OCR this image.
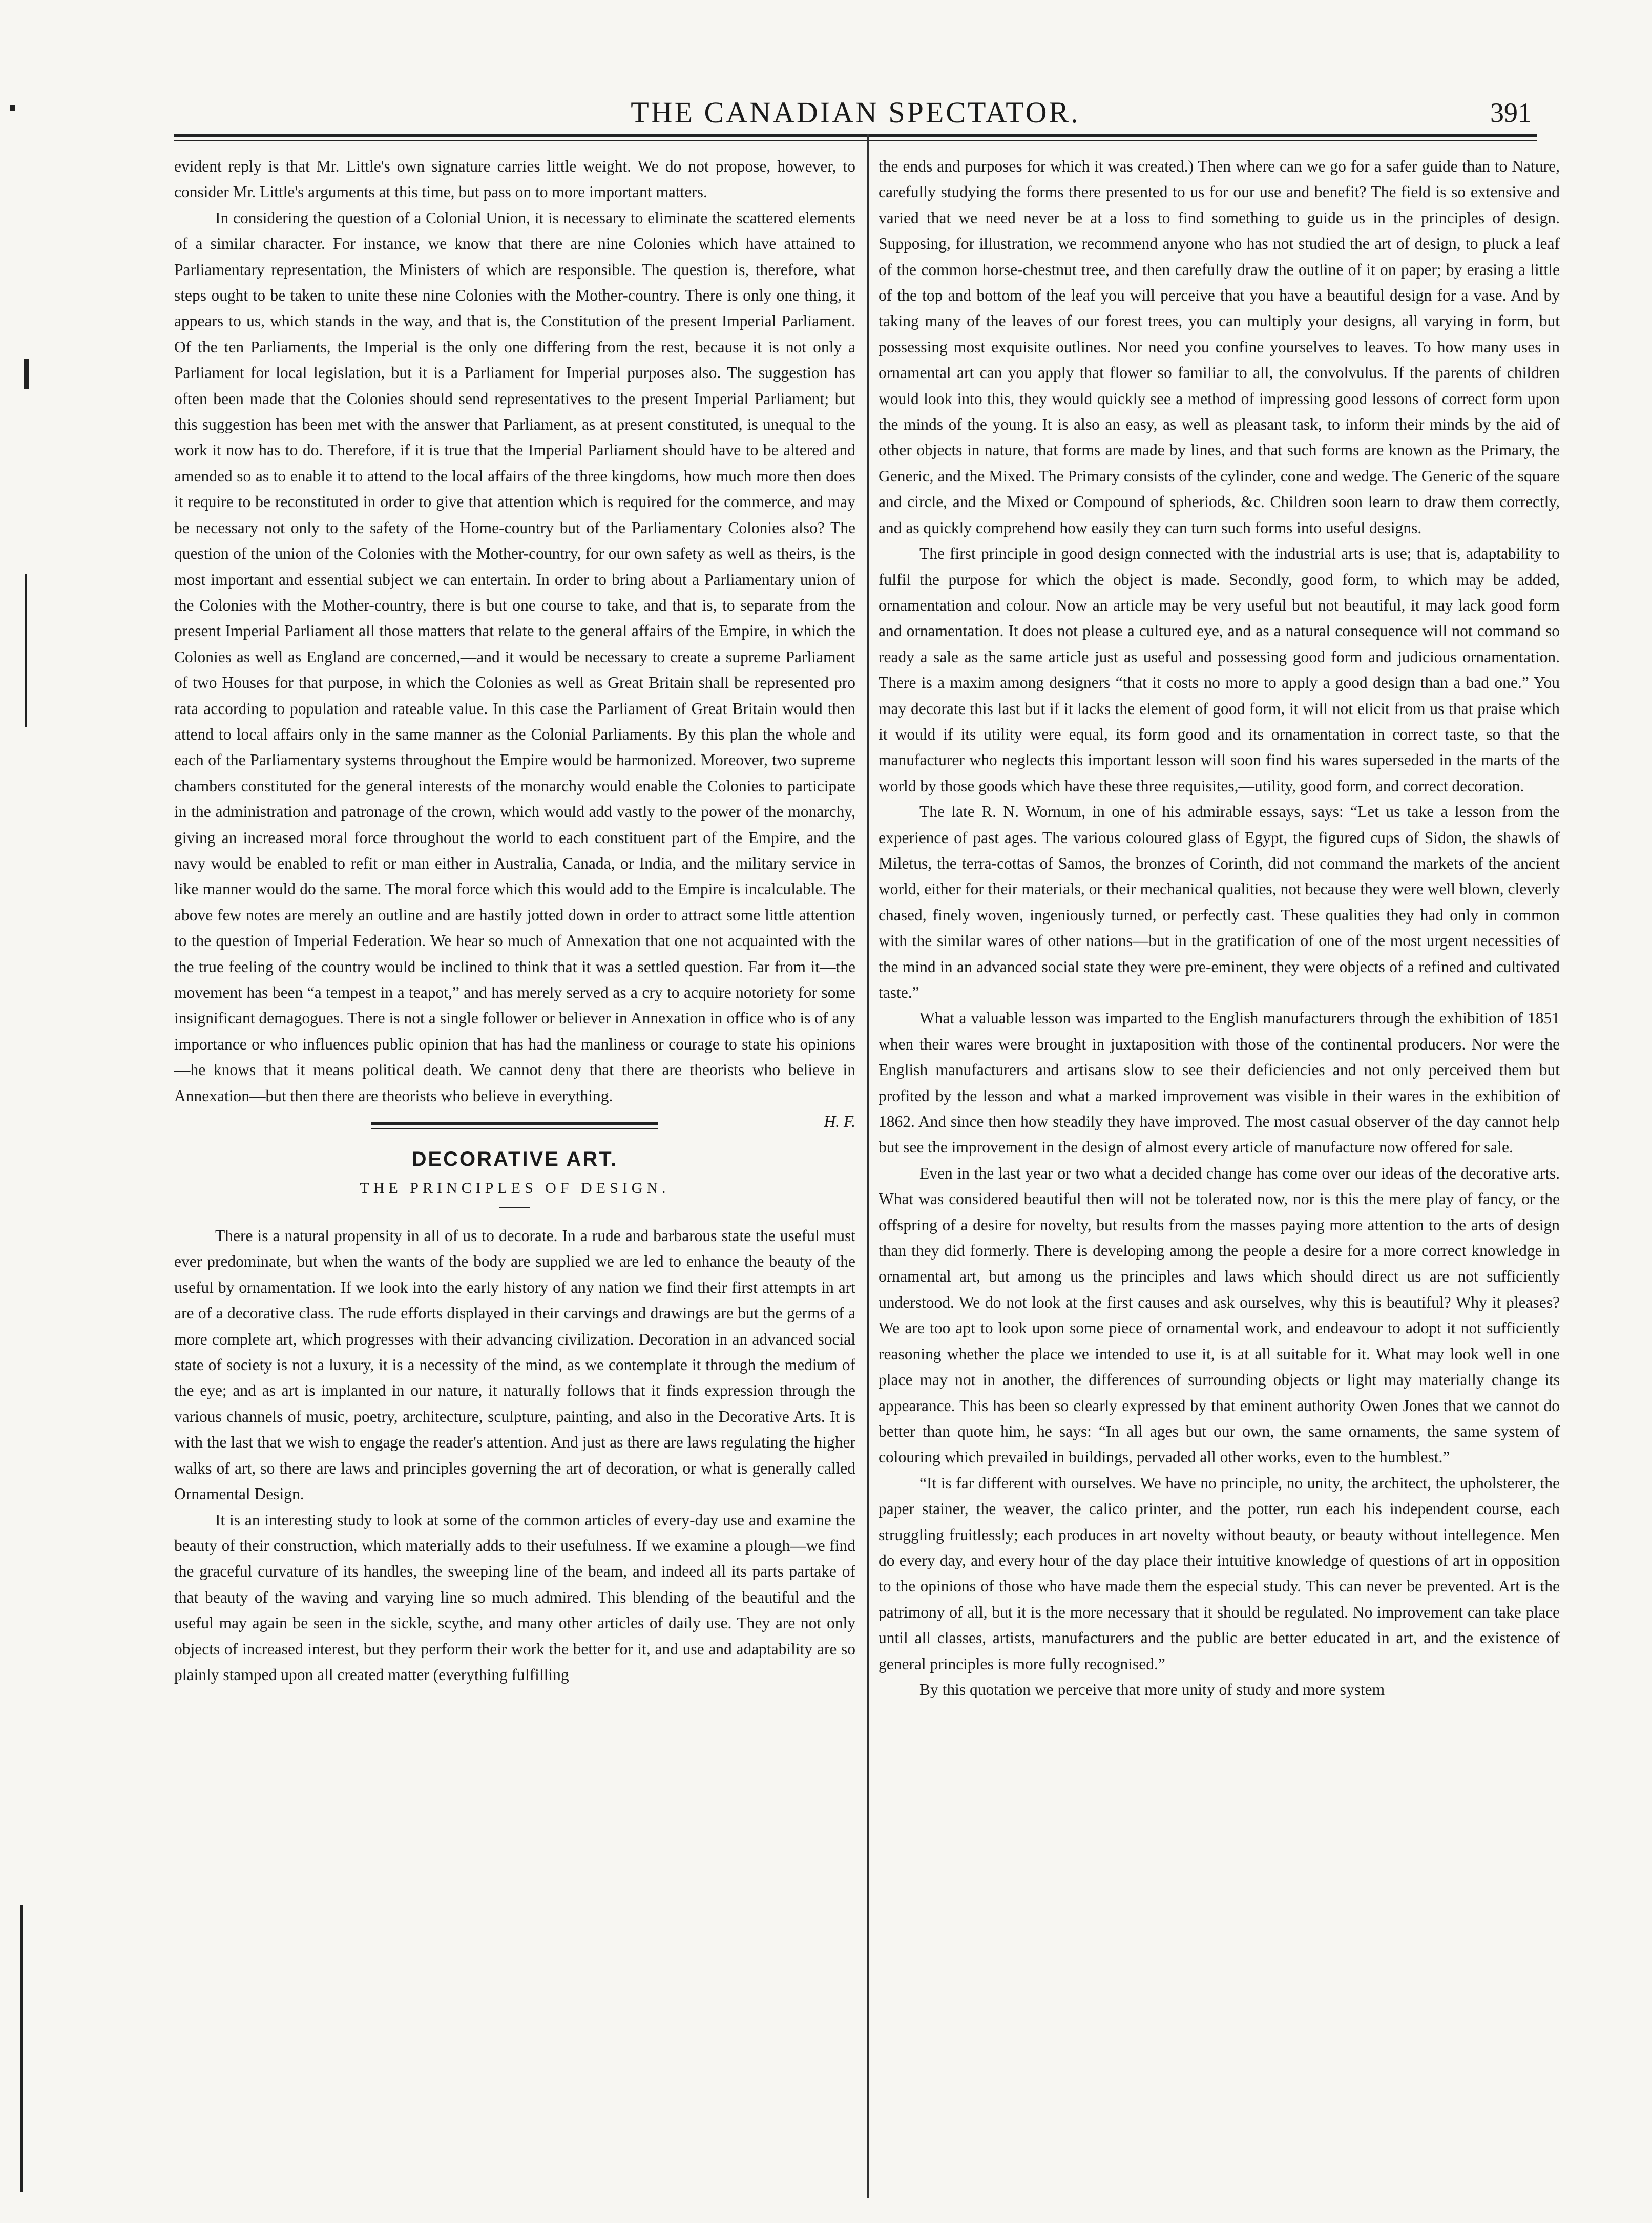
THE CANADIAN SPECTATOR.	391

evident reply is that Mr. Little's own signature carries little weight. We do not propose, however, to consider Mr. Little's arguments at this time, but pass on to more important matters.

In considering the question of a Colonial Union, it is necessary to eliminate the scattered elements of a similar character. For instance, we know that there are nine Colonies which have attained to Parliamentary representation, the Ministers of which are responsible. The question is, therefore, what steps ought to be taken to unite these nine Colonies with the Mother-country. There is only one thing, it appears to us, which stands in the way, and that is, the Constitution of the present Imperial Parliament. Of the ten Parliaments, the Imperial is the only one differing from the rest, because it is not only a Parliament for local legislation, but it is a Parliament for Imperial purposes also. The suggestion has often been made that the Colonies should send representatives to the present Imperial Parliament; but this suggestion has been met with the answer that Parliament, as at present constituted, is unequal to the work it now has to do. Therefore, if it is true that the Imperial Parliament should have to be altered and amended so as to enable it to attend to the local affairs of the three kingdoms, how much more then does it require to be reconstituted in order to give that attention which is required for the commerce, and may be necessary not only to the safety of the Home-country but of the Parliamentary Colonies also? The question of the union of the Colonies with the Mother-country, for our own safety as well as theirs, is the most important and essential subject we can entertain. In order to bring about a Parliamentary union of the Colonies with the Mother-country, there is but one course to take, and that is, to separate from the present Imperial Parliament all those matters that relate to the general affairs of the Empire, in which the Colonies as well as England are concerned,—and it would be necessary to create a supreme Parliament of two Houses for that purpose, in which the Colonies as well as Great Britain shall be represented pro rata according to population and rateable value. In this case the Parliament of Great Britain would then attend to local affairs only in the same manner as the Colonial Parliaments. By this plan the whole and each of the Parliamentary systems throughout the Empire would be harmonized. Moreover, two supreme chambers constituted for the general interests of the monarchy would enable the Colonies to participate in the administration and patronage of the crown, which would add vastly to the power of the monarchy, giving an increased moral force throughout the world to each constituent part of the Empire, and the navy would be enabled to refit or man either in Australia, Canada, or India, and the military service in like manner would do the same. The moral force which this would add to the Empire is incalculable. The above few notes are merely an outline and are hastily jotted down in order to attract some little attention to the question of Imperial Federation. We hear so much of Annexation that one not acquainted with the the true feeling of the country would be inclined to think that it was a settled question. Far from it—the movement has been “a tempest in a teapot,” and has merely served as a cry to acquire notoriety for some insignificant demagogues. There is not a single follower or believer in Annexation in office who is of any importance or who influences public opinion that has had the manliness or courage to state his opinions—he knows that it means political death. We cannot deny that there are theorists who believe in Annexation—but then there are theorists who believe in everything.

H. F.
DECORATIVE ART.
THE PRINCIPLES OF DESIGN.

There is a natural propensity in all of us to decorate. In a rude and barbarous state the useful must ever predominate, but when the wants of the body are supplied we are led to enhance the beauty of the useful by ornamentation. If we look into the early history of any nation we find their first attempts in art are of a decorative class. The rude efforts displayed in their carvings and drawings are but the germs of a more complete art, which progresses with their advancing civilization. Decoration in an advanced social state of society is not a luxury, it is a necessity of the mind, as we contemplate it through the medium of the eye; and as art is implanted in our nature, it naturally follows that it finds expression through the various channels of music, poetry, architecture, sculpture, painting, and also in the Decorative Arts. It is with the last that we wish to engage the reader's attention. And just as there are laws regulating the higher walks of art, so there are laws and principles governing the art of decoration, or what is generally called Ornamental Design.

It is an interesting study to look at some of the common articles of every-day use and examine the beauty of their construction, which materially adds to their usefulness. If we examine a plough—we find the graceful curvature of its handles, the sweeping line of the beam, and indeed all its parts partake of that beauty of the waving and varying line so much admired. This blending of the beautiful and the useful may again be seen in the sickle, scythe, and many other articles of daily use. They are not only objects of increased interest, but they perform their work the better for it, and use and adaptability are so plainly stamped upon all created matter (everything fulfilling

the ends and purposes for which it was created.) Then where can we go for a safer guide than to Nature, carefully studying the forms there presented to us for our use and benefit? The field is so extensive and varied that we need never be at a loss to find something to guide us in the principles of design. Supposing, for illustration, we recommend anyone who has not studied the art of design, to pluck a leaf of the common horse-chestnut tree, and then carefully draw the outline of it on paper; by erasing a little of the top and bottom of the leaf you will perceive that you have a beautiful design for a vase. And by taking many of the leaves of our forest trees, you can multiply your designs, all varying in form, but possessing most exquisite outlines. Nor need you confine yourselves to leaves. To how many uses in ornamental art can you apply that flower so familiar to all, the convolvulus. If the parents of children would look into this, they would quickly see a method of impressing good lessons of correct form upon the minds of the young. It is also an easy, as well as pleasant task, to inform their minds by the aid of other objects in nature, that forms are made by lines, and that such forms are known as the Primary, the Generic, and the Mixed. The Primary consists of the cylinder, cone and wedge. The Generic of the square and circle, and the Mixed or Compound of spheriods, &c. Children soon learn to draw them correctly, and as quickly comprehend how easily they can turn such forms into useful designs.

The first principle in good design connected with the industrial arts is use; that is, adaptability to fulfil the purpose for which the object is made. Secondly, good form, to which may be added, ornamentation and colour. Now an article may be very useful but not beautiful, it may lack good form and ornamentation. It does not please a cultured eye, and as a natural consequence will not command so ready a sale as the same article just as useful and possessing good form and judicious ornamentation. There is a maxim among designers “that it costs no more to apply a good design than a bad one.” You may decorate this last but if it lacks the element of good form, it will not elicit from us that praise which it would if its utility were equal, its form good and its ornamentation in correct taste, so that the manufacturer who neglects this important lesson will soon find his wares superseded in the marts of the world by those goods which have these three requisites,—utility, good form, and correct decoration.

The late R. N. Wornum, in one of his admirable essays, says: “Let us take a lesson from the experience of past ages. The various coloured glass of Egypt, the figured cups of Sidon, the shawls of Miletus, the terra-cottas of Samos, the bronzes of Corinth, did not command the markets of the ancient world, either for their materials, or their mechanical qualities, not because they were well blown, cleverly chased, finely woven, ingeniously turned, or perfectly cast. These qualities they had only in common with the similar wares of other nations—but in the gratification of one of the most urgent necessities of the mind in an advanced social state they were pre-eminent, they were objects of a refined and cultivated taste.”

What a valuable lesson was imparted to the English manufacturers through the exhibition of 1851 when their wares were brought in juxtaposition with those of the continental producers. Nor were the English manufacturers and artisans slow to see their deficiencies and not only perceived them but profited by the lesson and what a marked improvement was visible in their wares in the exhibition of 1862. And since then how steadily they have improved. The most casual observer of the day cannot help but see the improvement in the design of almost every article of manufacture now offered for sale.

Even in the last year or two what a decided change has come over our ideas of the decorative arts. What was considered beautiful then will not be tolerated now, nor is this the mere play of fancy, or the offspring of a desire for novelty, but results from the masses paying more attention to the arts of design than they did formerly. There is developing among the people a desire for a more correct knowledge in ornamental art, but among us the principles and laws which should direct us are not sufficiently understood. We do not look at the first causes and ask ourselves, why this is beautiful? Why it pleases? We are too apt to look upon some piece of ornamental work, and endeavour to adopt it not sufficiently reasoning whether the place we intended to use it, is at all suitable for it. What may look well in one place may not in another, the differences of surrounding objects or light may materially change its appearance. This has been so clearly expressed by that eminent authority Owen Jones that we cannot do better than quote him, he says: “In all ages but our own, the same ornaments, the same system of colouring which prevailed in buildings, pervaded all other works, even to the humblest.”

“It is far different with ourselves. We have no principle, no unity, the architect, the upholsterer, the paper stainer, the weaver, the calico printer, and the potter, run each his independent course, each struggling fruitlessly; each produces in art novelty without beauty, or beauty without intellegence. Men do every day, and every hour of the day place their intuitive knowledge of questions of art in opposition to the opinions of those who have made them the especial study. This can never be prevented. Art is the patrimony of all, but it is the more necessary that it should be regulated. No improvement can take place until all classes, artists, manufacturers and the public are better educated in art, and the existence of general principles is more fully recognised.”

By this quotation we perceive that more unity of study and more system
